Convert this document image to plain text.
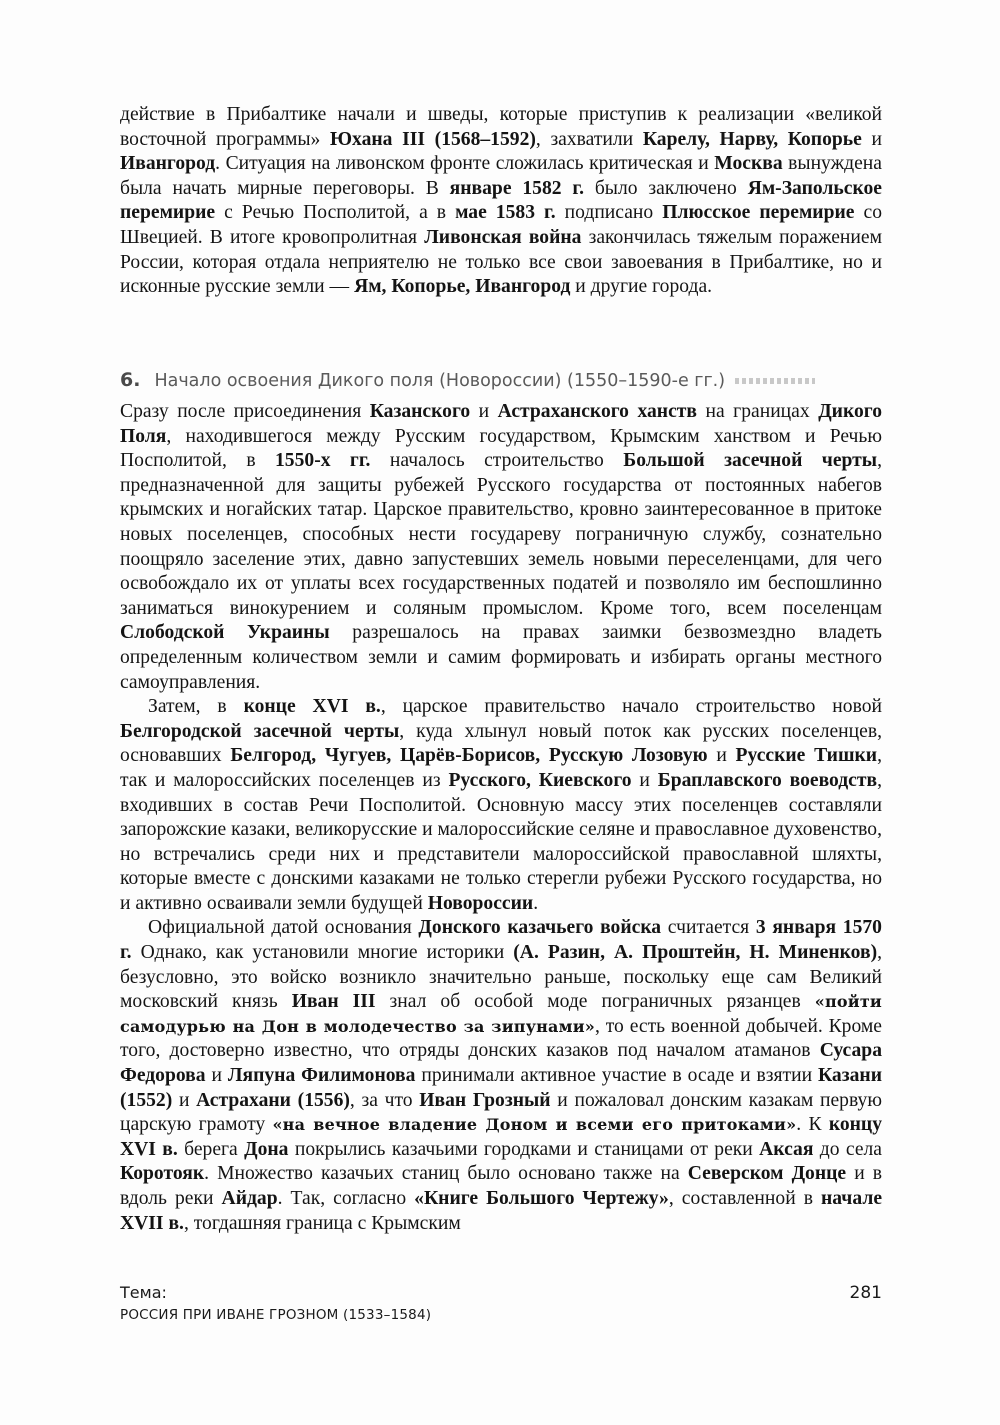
действие в Прибалтике начали и шведы, которые приступив к реализации «великой восточной программы» Юхана III (1568–1592), захватили Карелу, Нарву, Копорье и Ивангород. Ситуация на ливонском фронте сложилась критическая и Москва вынуждена была начать мирные переговоры. В январе 1582 г. было заключено Ям-Запольское перемирие с Речью Посполитой, а в мае 1583 г. подписано Плюсское перемирие со Швецией. В итоге кровопролитная Ливонская война закончилась тяжелым поражением России, которая отдала неприятелю не только все свои завоевания в Прибалтике, но и исконные русские земли — Ям, Копорье, Ивангород и другие города.

6. Начало освоения Дикого поля (Новороссии) (1550–1590-е гг.)

Сразу после присоединения Казанского и Астраханского ханств на границах Дикого Поля, находившегося между Русским государством, Крымским ханством и Речью Посполитой, в 1550-х гг. началось строительство Большой засечной черты, предназначенной для защиты рубежей Русского государства от постоянных набегов крымских и ногайских татар. Царское правительство, кровно заинтересованное в притоке новых поселенцев, способных нести государеву пограничную службу, сознательно поощряло заселение этих, давно запустевших земель новыми переселенцами, для чего освобождало их от уплаты всех государственных податей и позволяло им беспошлинно заниматься винокурением и соляным промыслом. Кроме того, всем поселенцам Слободской Украины разрешалось на правах заимки безвозмездно владеть определенным количеством земли и самим формировать и избирать органы местного самоуправления.

Затем, в конце XVI в., царское правительство начало строительство новой Белгородской засечной черты, куда хлынул новый поток как русских поселенцев, основавших Белгород, Чугуев, Царёв-Борисов, Русскую Лозовую и Русские Тишки, так и малороссийских поселенцев из Русского, Киевского и Браплавского воеводств, входивших в состав Речи Посполитой. Основную массу этих поселенцев составляли запорожские казаки, великорусские и малороссийские селяне и православное духовенство, но встречались среди них и представители малороссийской православной шляхты, которые вместе с донскими казаками не только стерегли рубежи Русского государства, но и активно осваивали земли будущей Новороссии.

Официальной датой основания Донского казачьего войска считается 3 января 1570 г. Однако, как установили многие историки (А. Разин, А. Проштейн, Н. Миненков), безусловно, это войско возникло значительно раньше, поскольку еще сам Великий московский князь Иван III знал об особой моде пограничных рязанцев «пойти самодурью на Дон в молодечество за зипунами», то есть военной добычей. Кроме того, достоверно известно, что отряды донских казаков под началом атаманов Сусара Федорова и Ляпуна Филимонова принимали активное участие в осаде и взятии Казани (1552) и Астрахани (1556), за что Иван Грозный и пожаловал донским казакам первую царскую грамоту «на вечное владение Доном и всеми его притоками». К концу XVI в. берега Дона покрылись казачьими городками и станицами от реки Аксая до села Коротояк. Множество казачьих станиц было основано также на Северском Донце и в вдоль реки Айдар. Так, согласно «Книге Большого Чертежу», составленной в начале XVII в., тогдашняя граница с Крымским

Тема:
РОССИЯ ПРИ ИВАНЕ ГРОЗНОМ (1533–1584)
281
